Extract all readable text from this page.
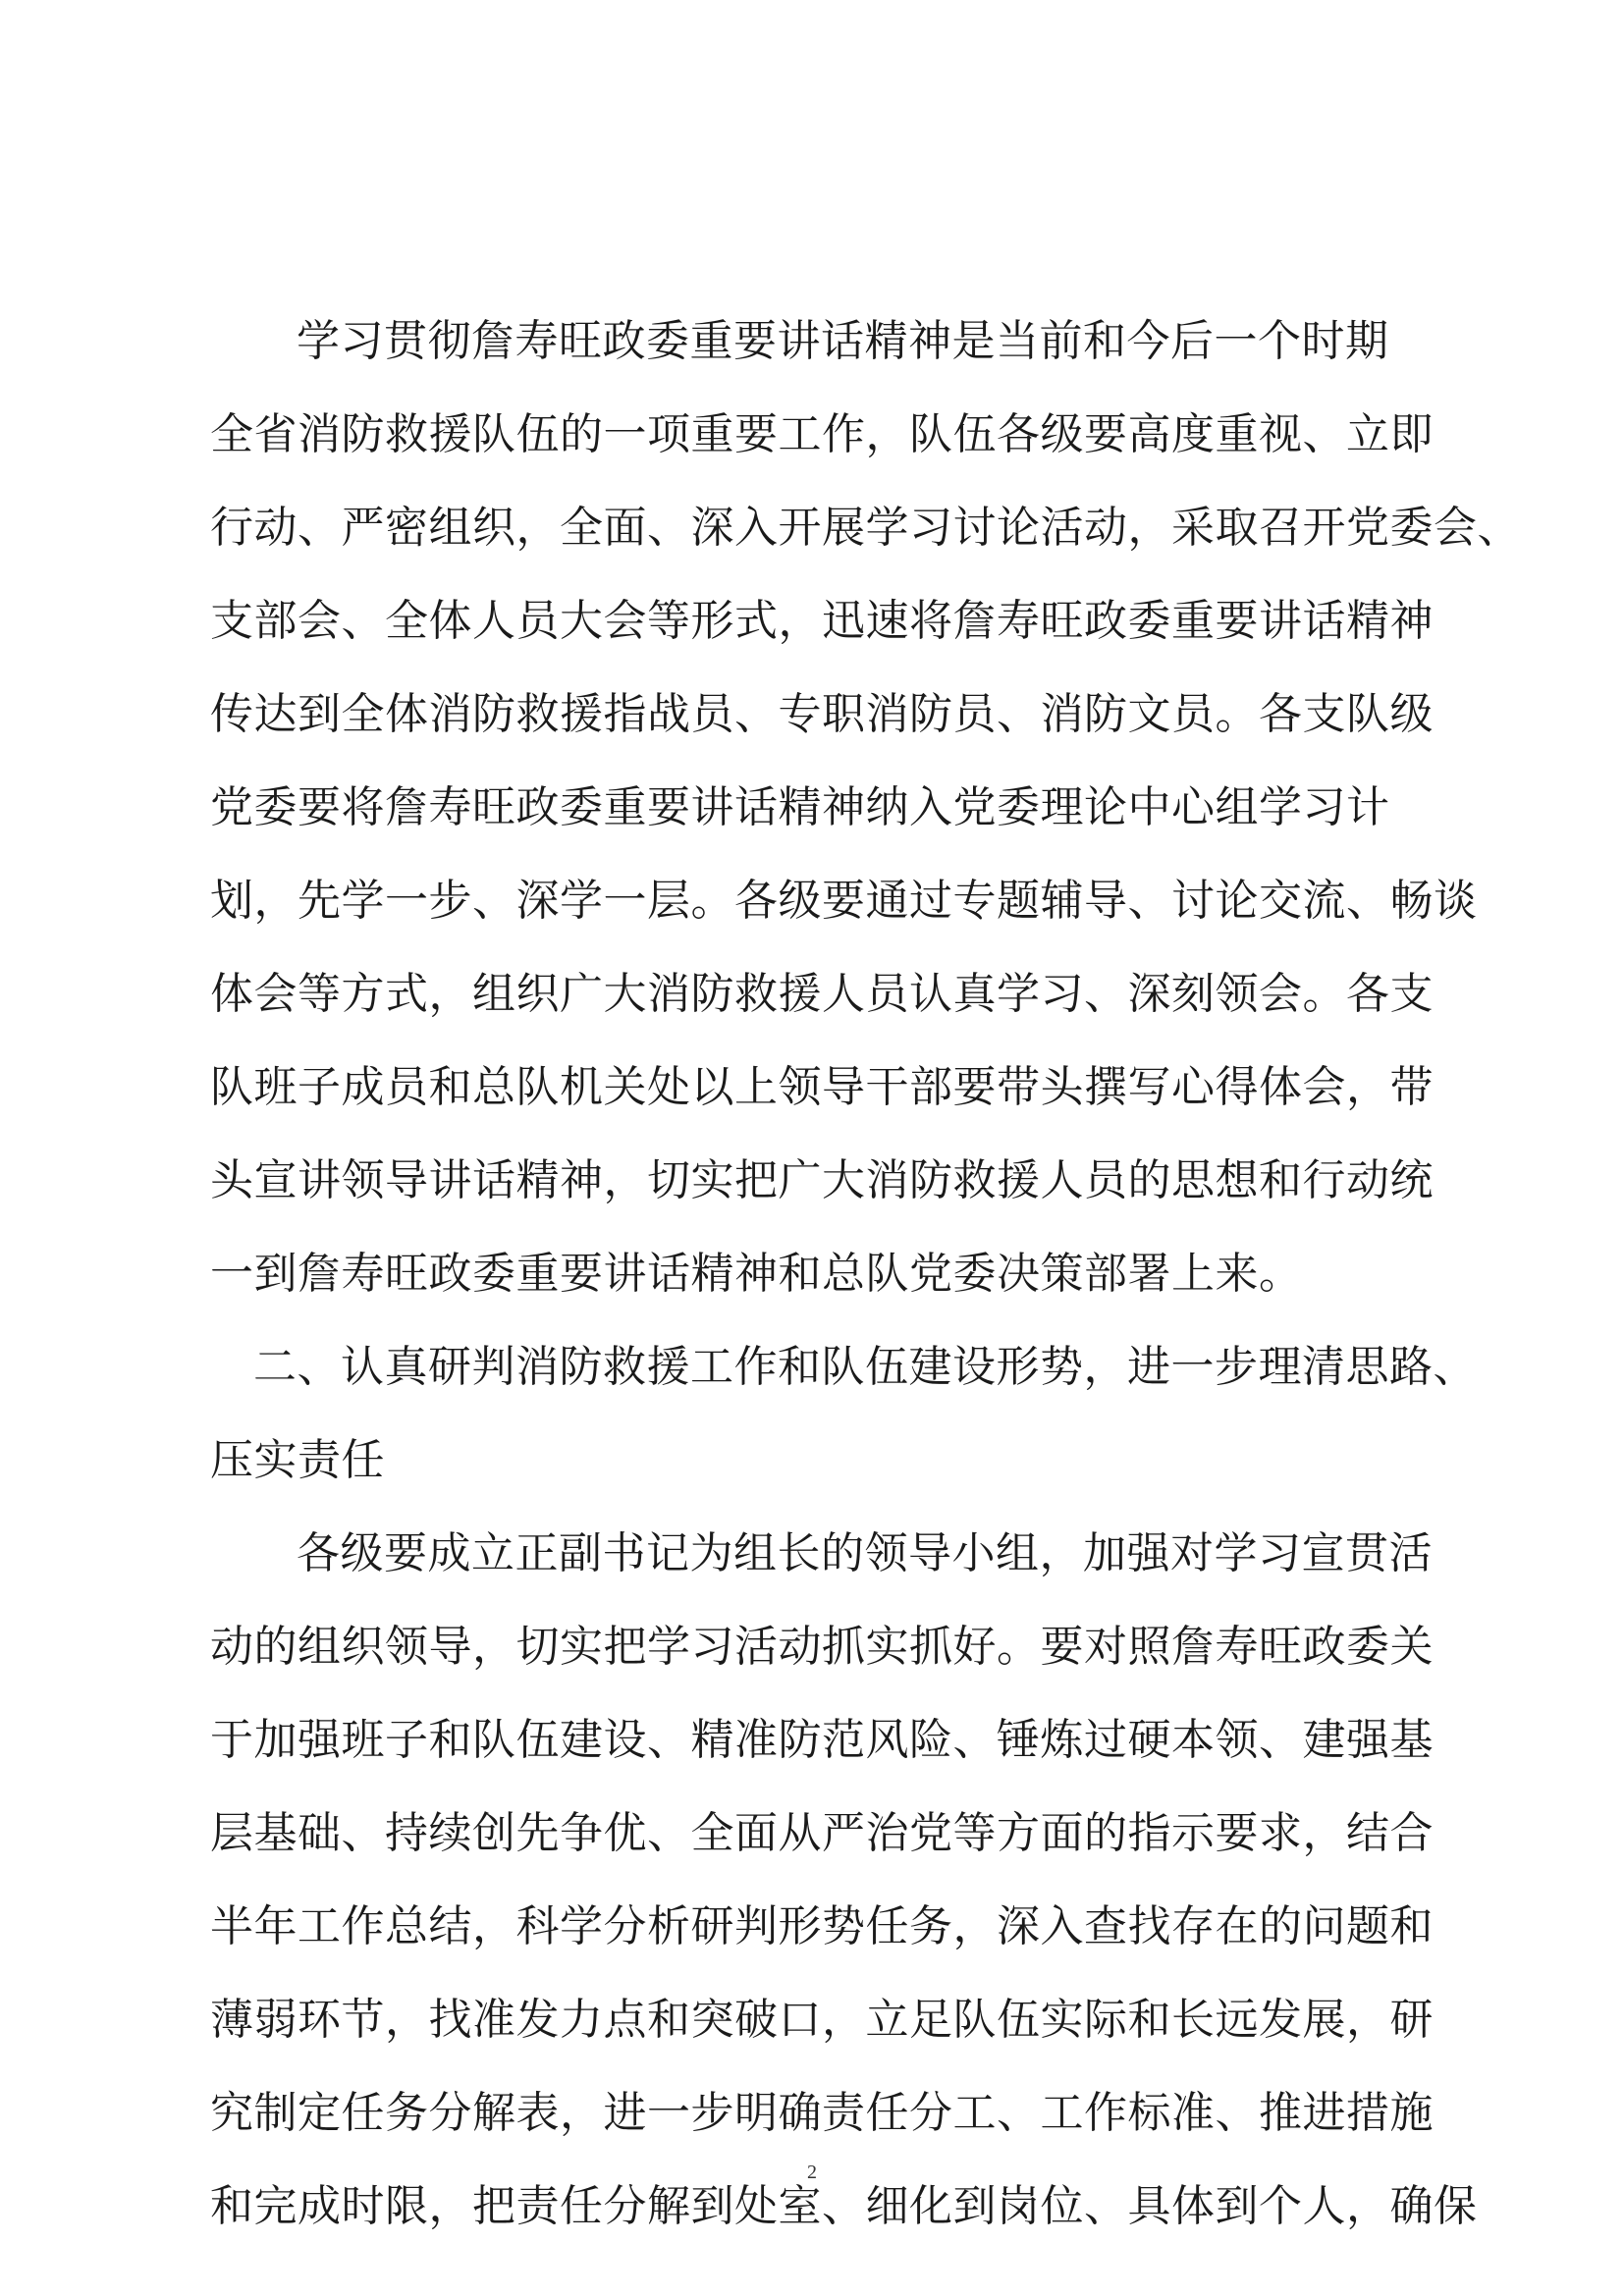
学习贯彻詹寿旺政委重要讲话精神是当前和今后一个时期
全省消防救援队伍的一项重要工作，队伍各级要高度重视、立即
行动、严密组织，全面、深入开展学习讨论活动，采取召开党委会、
支部会、全体人员大会等形式，迅速将詹寿旺政委重要讲话精神
传达到全体消防救援指战员、专职消防员、消防文员。各支队级
党委要将詹寿旺政委重要讲话精神纳入党委理论中心组学习计
划，先学一步、深学一层。各级要通过专题辅导、讨论交流、畅谈
体会等方式，组织广大消防救援人员认真学习、深刻领会。各支
队班子成员和总队机关处以上领导干部要带头撰写心得体会，带
头宣讲领导讲话精神，切实把广大消防救援人员的思想和行动统
一到詹寿旺政委重要讲话精神和总队党委决策部署上来。
二、认真研判消防救援工作和队伍建设形势，进一步理清思路、
压实责任
各级要成立正副书记为组长的领导小组，加强对学习宣贯活
动的组织领导，切实把学习活动抓实抓好。要对照詹寿旺政委关
于加强班子和队伍建设、精准防范风险、锤炼过硬本领、建强基
层基础、持续创先争优、全面从严治党等方面的指示要求，结合
半年工作总结，科学分析研判形势任务，深入查找存在的问题和
薄弱环节，找准发力点和突破口，立足队伍实际和长远发展，研
究制定任务分解表，进一步明确责任分工、工作标准、推进措施
和完成时限，把责任分解到处室、细化到岗位、具体到个人，确保
2
